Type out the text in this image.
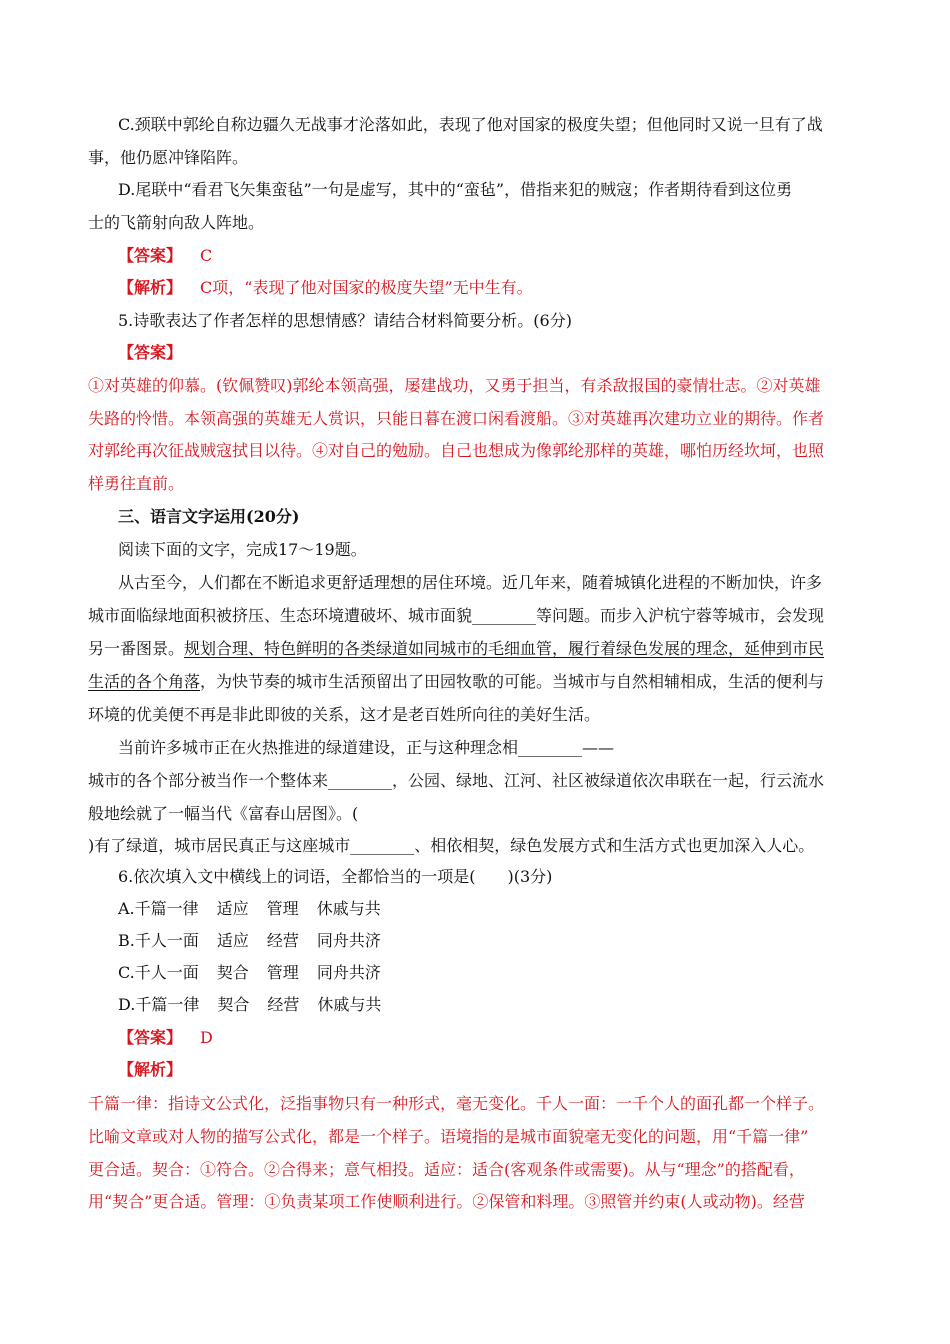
C.颈联中郭纶自称边疆久无战事才沦落如此，表现了他对国家的极度失望；但他同时又说一旦有了战
事，他仍愿冲锋陷阵。
D.尾联中“看君飞矢集蛮毡”一句是虚写，其中的“蛮毡”，借指来犯的贼寇；作者期待看到这位勇
士的飞箭射向敌人阵地。
【答案】 C
【解析】 C项，“表现了他对国家的极度失望”无中生有。
5.诗歌表达了作者怎样的思想情感？请结合材料简要分析。(6分)
【答案】
①对英雄的仰慕。(钦佩赞叹)郭纶本领高强，屡建战功，又勇于担当，有杀敌报国的豪情壮志。②对英雄
失路的怜惜。本领高强的英雄无人赏识，只能日暮在渡口闲看渡船。③对英雄再次建功立业的期待。作者
对郭纶再次征战贼寇拭目以待。④对自己的勉励。自己也想成为像郭纶那样的英雄，哪怕历经坎坷，也照
样勇往直前。
三、语言文字运用(20分)
阅读下面的文字，完成17～19题。
从古至今，人们都在不断追求更舒适理想的居住环境。近几年来，随着城镇化进程的不断加快，许多
城市面临绿地面积被挤压、生态环境遭破坏、城市面貌________等问题。而步入沪杭宁蓉等城市，会发现
另一番图景。规划合理、特色鲜明的各类绿道如同城市的毛细血管，履行着绿色发展的理念，延伸到市民
生活的各个角落，为快节奏的城市生活预留出了田园牧歌的可能。当城市与自然相辅相成，生活的便利与
环境的优美便不再是非此即彼的关系，这才是老百姓所向往的美好生活。
当前许多城市正在火热推进的绿道建设，正与这种理念相________——
城市的各个部分被当作一个整体来________，公园、绿地、江河、社区被绿道依次串联在一起，行云流水
般地绘就了一幅当代《富春山居图》。(
)有了绿道，城市居民真正与这座城市________、相依相契，绿色发展方式和生活方式也更加深入人心。
6.依次填入文中横线上的词语，全都恰当的一项是(　　)(3分)
A.千篇一律 适应 管理 休戚与共
B.千人一面 适应 经营 同舟共济
C.千人一面 契合 管理 同舟共济
D.千篇一律 契合 经营 休戚与共
【答案】 D
【解析】
千篇一律：指诗文公式化，泛指事物只有一种形式，毫无变化。千人一面：一千个人的面孔都一个样子。
比喻文章或对人物的描写公式化，都是一个样子。语境指的是城市面貌毫无变化的问题，用“千篇一律”
更合适。契合：①符合。②合得来；意气相投。适应：适合(客观条件或需要)。从与“理念”的搭配看，
用“契合”更合适。管理：①负责某项工作使顺利进行。②保管和料理。③照管并约束(人或动物)。经营
